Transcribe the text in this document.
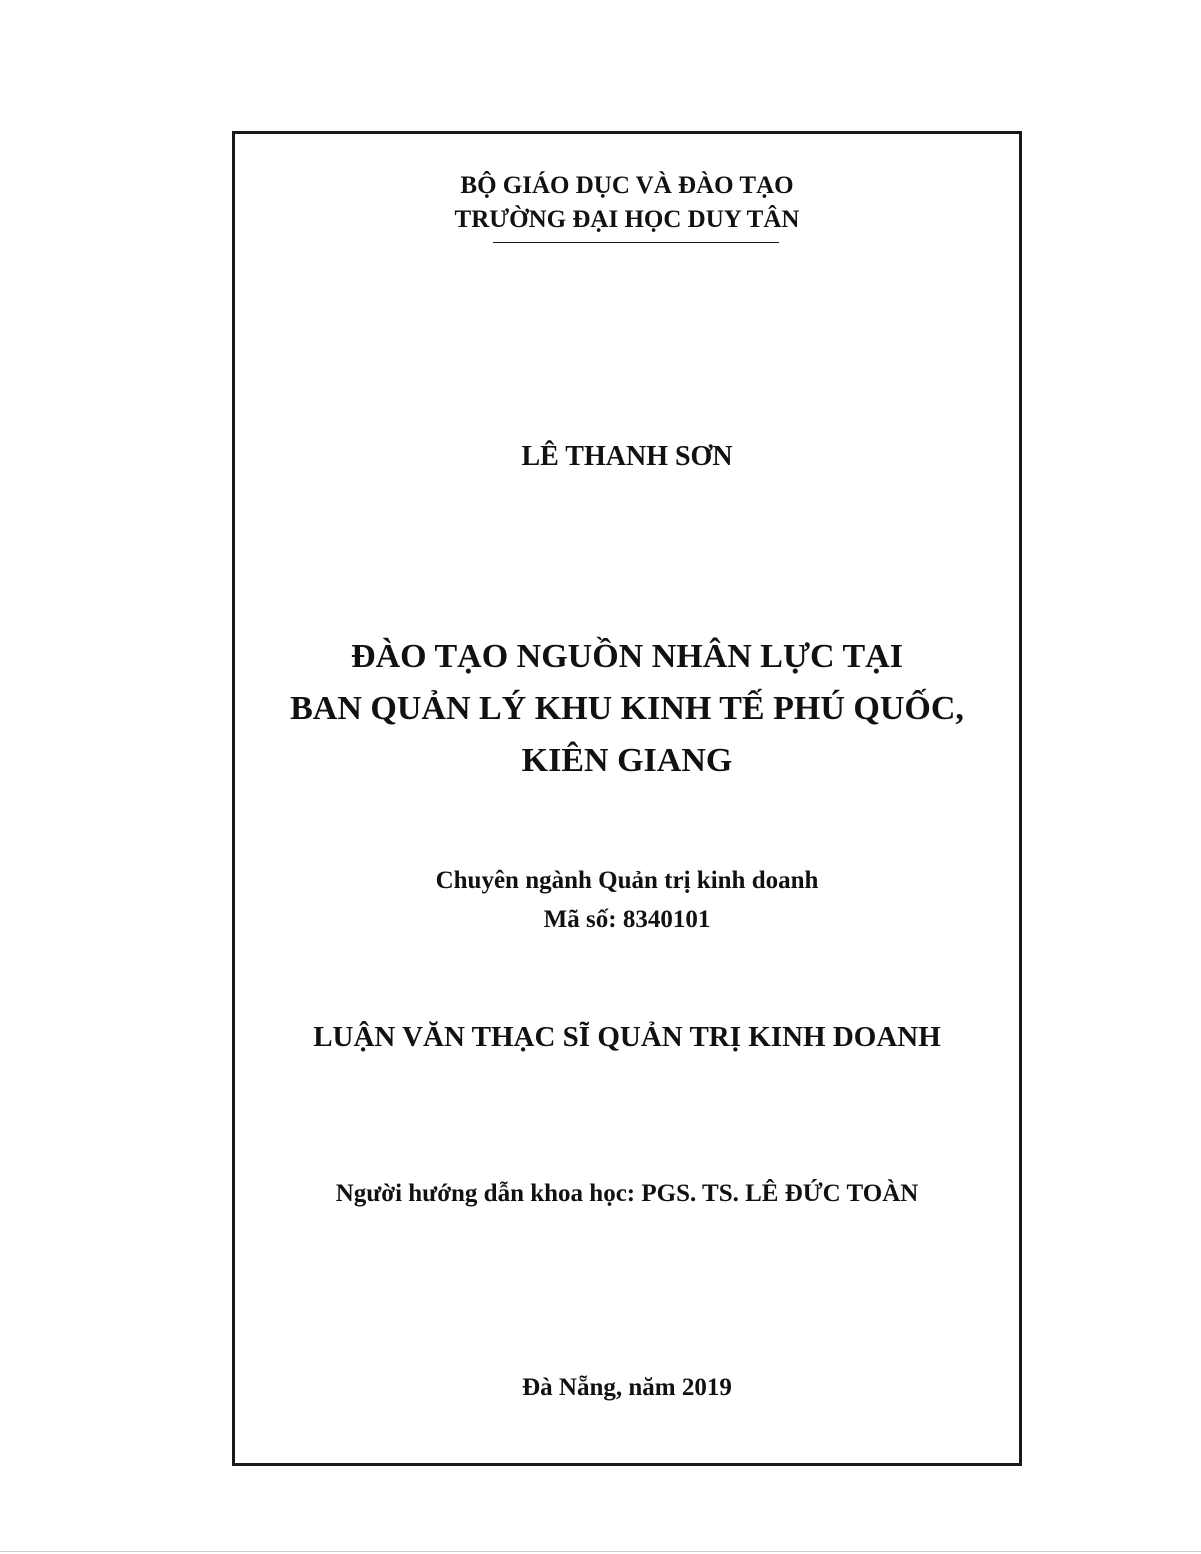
BỘ GIÁO DỤC VÀ ĐÀO TẠO
TRƯỜNG ĐẠI HỌC DUY TÂN
LÊ THANH SƠN
ĐÀO TẠO NGUỒN NHÂN LỰC TẠI
BAN QUẢN LÝ KHU KINH TẾ PHÚ QUỐC,
KIÊN GIANG
Chuyên ngành Quản trị kinh doanh
Mã số: 8340101
LUẬN VĂN THẠC SĨ QUẢN TRỊ KINH DOANH
Người hướng dẫn khoa học: PGS. TS. LÊ ĐỨC TOÀN
Đà Nẵng, năm 2019
